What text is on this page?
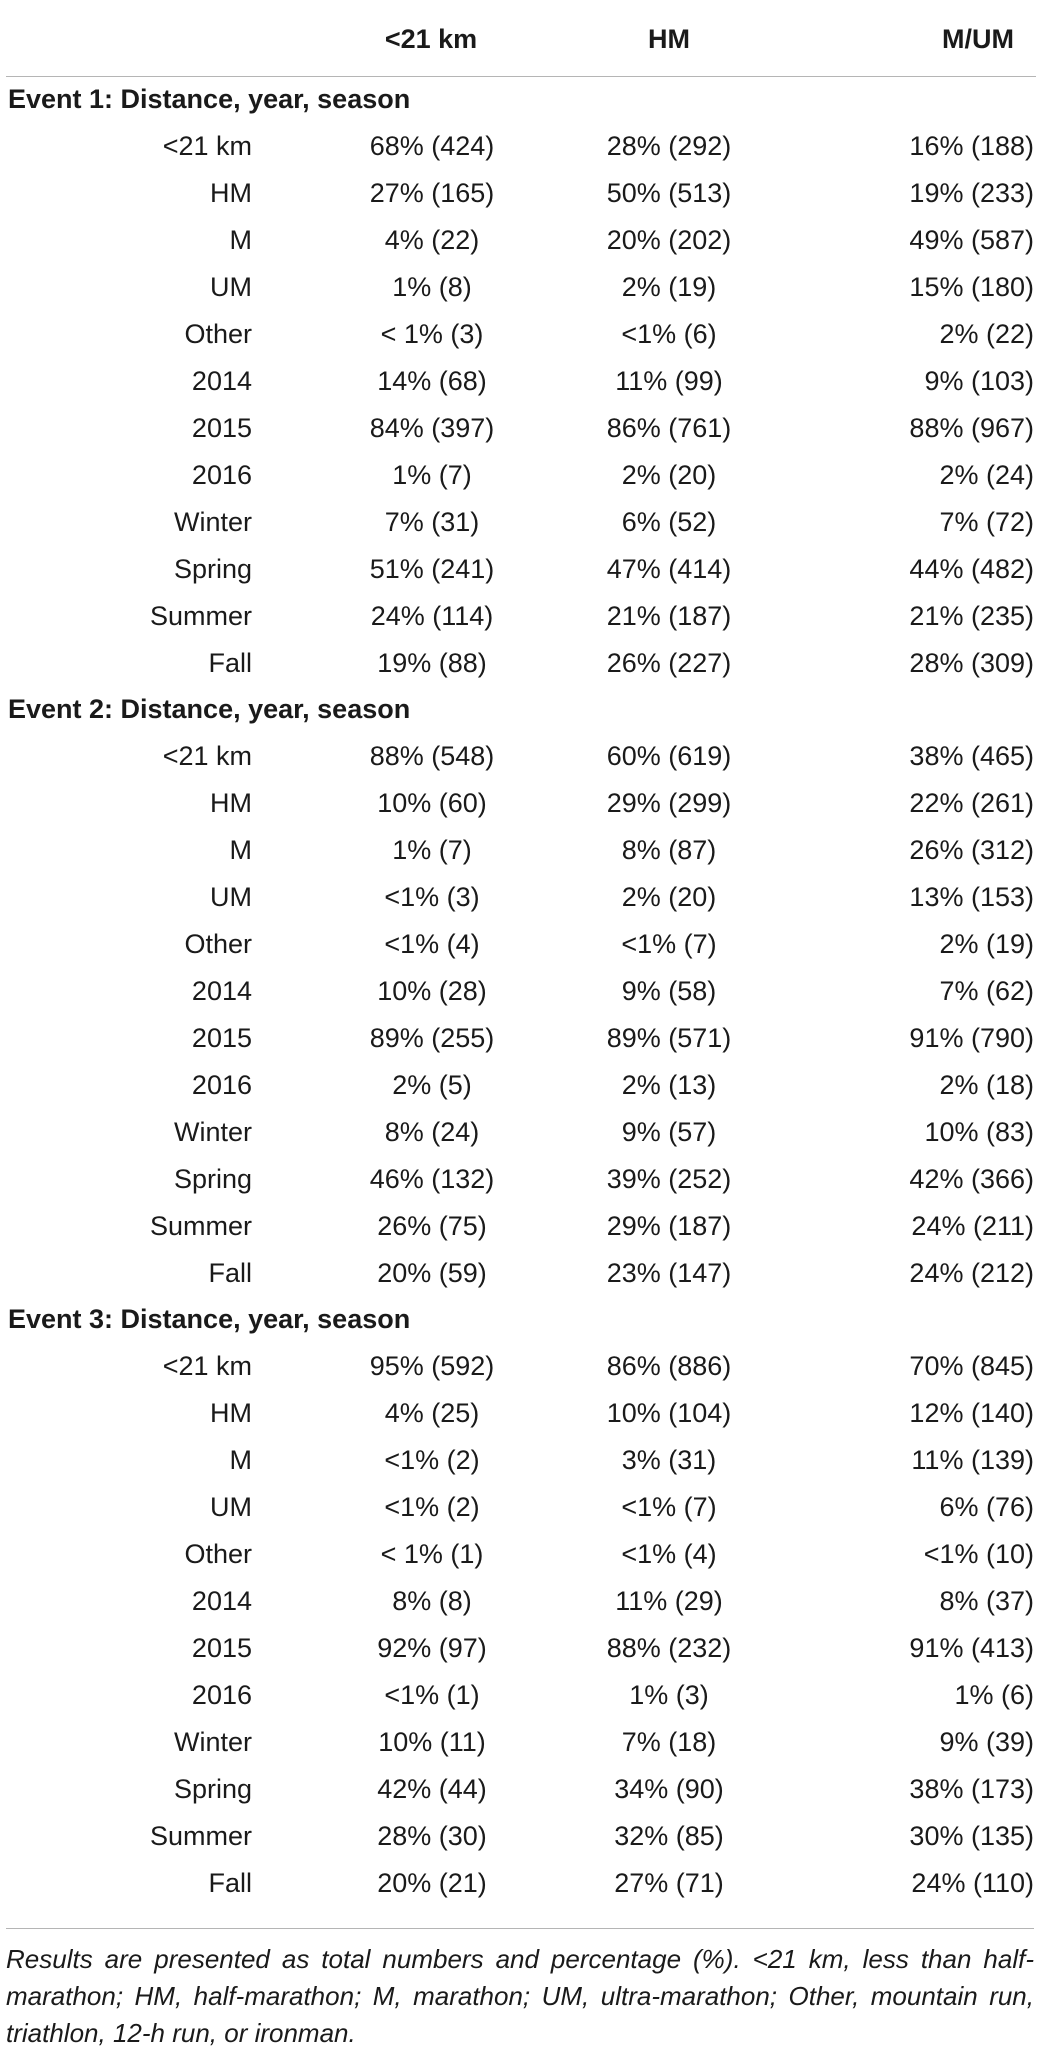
	<21 km	HM	M/UM
Event 1: Distance, year, season			
<21 km	68% (424)	28% (292)	16% (188)
HM	27% (165)	50% (513)	19% (233)
M	4% (22)	20% (202)	49% (587)
UM	1% (8)	2% (19)	15% (180)
Other	< 1% (3)	<1% (6)	2% (22)
2014	14% (68)	11% (99)	9% (103)
2015	84% (397)	86% (761)	88% (967)
2016	1% (7)	2% (20)	2% (24)
Winter	7% (31)	6% (52)	7% (72)
Spring	51% (241)	47% (414)	44% (482)
Summer	24% (114)	21% (187)	21% (235)
Fall	19% (88)	26% (227)	28% (309)
Event 2: Distance, year, season			
<21 km	88% (548)	60% (619)	38% (465)
HM	10% (60)	29% (299)	22% (261)
M	1% (7)	8% (87)	26% (312)
UM	<1% (3)	2% (20)	13% (153)
Other	<1% (4)	<1% (7)	2% (19)
2014	10% (28)	9% (58)	7% (62)
2015	89% (255)	89% (571)	91% (790)
2016	2% (5)	2% (13)	2% (18)
Winter	8% (24)	9% (57)	10% (83)
Spring	46% (132)	39% (252)	42% (366)
Summer	26% (75)	29% (187)	24% (211)
Fall	20% (59)	23% (147)	24% (212)
Event 3: Distance, year, season			
<21 km	95% (592)	86% (886)	70% (845)
HM	4% (25)	10% (104)	12% (140)
M	<1% (2)	3% (31)	11% (139)
UM	<1% (2)	<1% (7)	6% (76)
Other	< 1% (1)	<1% (4)	<1% (10)
2014	8% (8)	11% (29)	8% (37)
2015	92% (97)	88% (232)	91% (413)
2016	<1% (1)	1% (3)	1% (6)
Winter	10% (11)	7% (18)	9% (39)
Spring	42% (44)	34% (90)	38% (173)
Summer	28% (30)	32% (85)	30% (135)
Fall	20% (21)	27% (71)	24% (110)
Results are presented as total numbers and percentage (%). <21 km, less than half-marathon; HM, half-marathon; M, marathon; UM, ultra-marathon; Other, mountain run, triathlon, 12-h run, or ironman.
